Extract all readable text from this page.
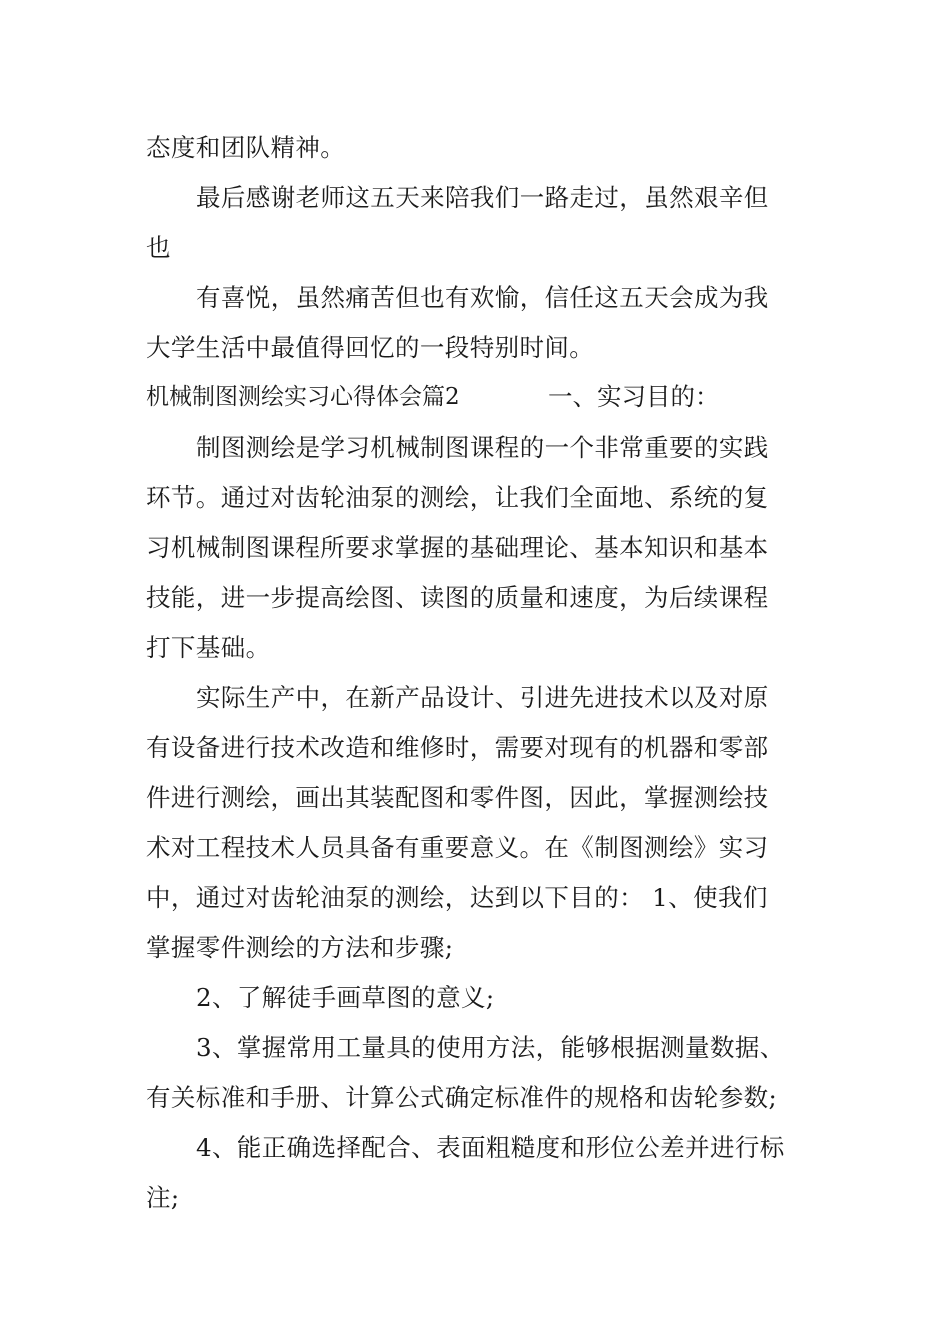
态度和团队精神。

最后感谢老师这五天来陪我们一路走过，虽然艰辛但

也

有喜悦，虽然痛苦但也有欢愉，信任这五天会成为我

大学生活中最值得回忆的一段特别时间。

机械制图测绘实习心得体会篇2	一、实习目的：

制图测绘是学习机械制图课程的一个非常重要的实践

环节。通过对齿轮油泵的测绘，让我们全面地、系统的复

习机械制图课程所要求掌握的基础理论、基本知识和基本

技能，进一步提高绘图、读图的质量和速度，为后续课程

打下基础。

实际生产中，在新产品设计、引进先进技术以及对原

有设备进行技术改造和维修时，需要对现有的机器和零部

件进行测绘，画出其装配图和零件图，因此，掌握测绘技

术对工程技术人员具备有重要意义。在《制图测绘》实习

中，通过对齿轮油泵的测绘，达到以下目的： 1、使我们

掌握零件测绘的方法和步骤;

2、了解徒手画草图的意义;

3、掌握常用工量具的使用方法，能够根据测量数据、

有关标准和手册、计算公式确定标准件的规格和齿轮参数;

4、能正确选择配合、表面粗糙度和形位公差并进行标

注;
